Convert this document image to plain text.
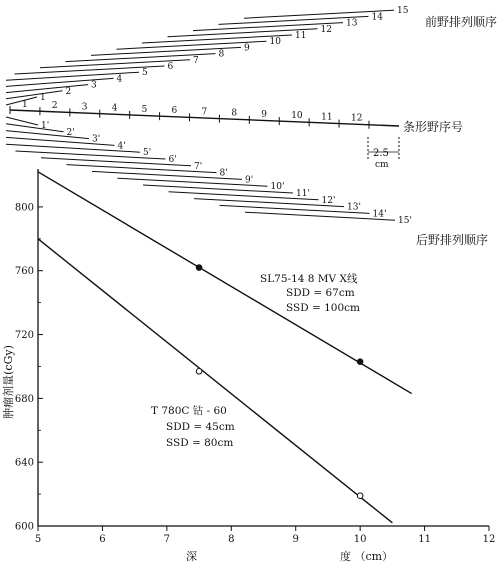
1
2
3
4
5
6
7
8
9
10
11
12
13
14
15
前野排列顺序
1	2	3	4	5	6	7	8	9	10 11 12
条形野序号
2.5
cm
1'
2'
3'
4'
5'
6'
7'
8'
9'
10'
11'
12'
13'
14'
15'
后野排列顺序
600
640
680
720
760
800
5	6	7	8	9	10	11	12
肿瘤剂量(cGy)
深	度 （cm）
SL75-14 8 MV X线
SDD = 67cm
SSD = 100cm
T 780C 钴 - 60
SDD = 45cm
SSD = 80cm
